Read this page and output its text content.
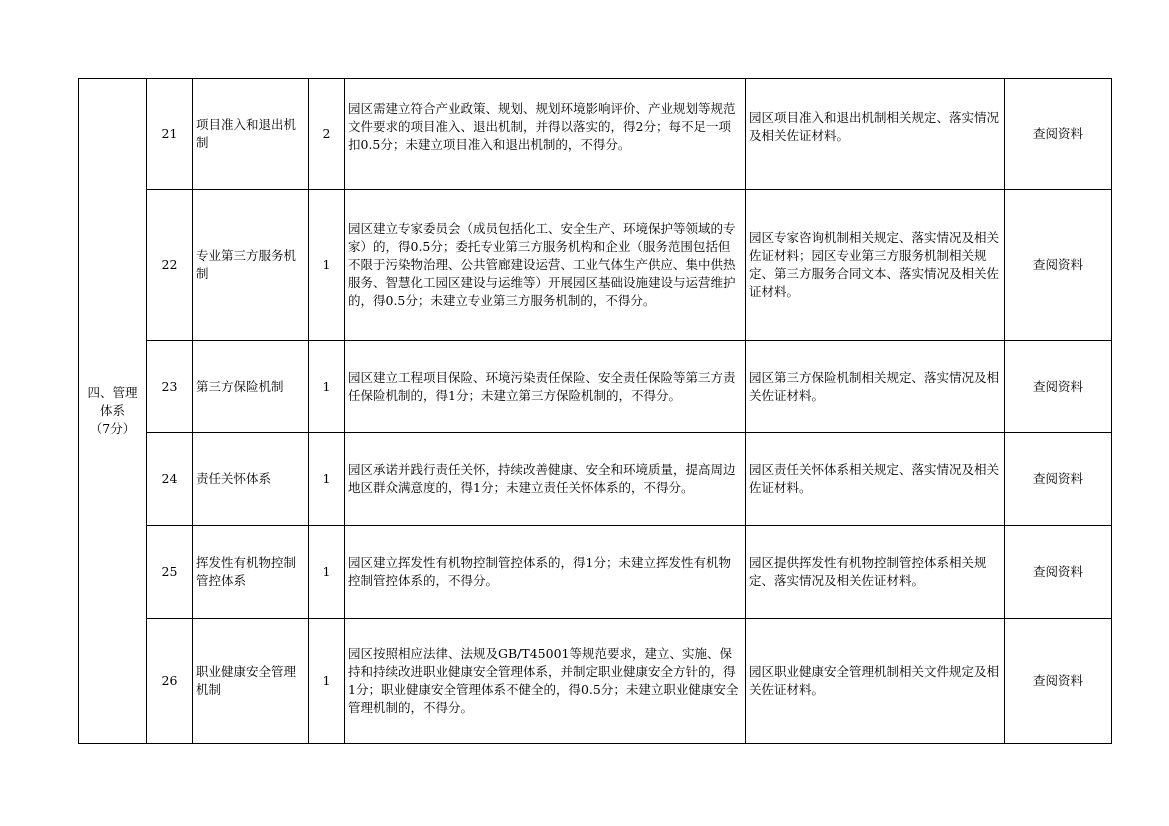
四、管理
体系
（7分）	21	项目准入和退出机制	2	园区需建立符合产业政策、规划、规划环境影响评价、产业规划等规范文件要求的项目准入、退出机制，并得以落实的，得2分；每不足一项扣0.5分；未建立项目准入和退出机制的，不得分。	园区项目准入和退出机制相关规定、落实情况及相关佐证材料。	查阅资料
	22	专业第三方服务机制	1	园区建立专家委员会（成员包括化工、安全生产、环境保护等领域的专家）的，得0.5分；委托专业第三方服务机构和企业（服务范围包括但不限于污染物治理、公共管廊建设运营、工业气体生产供应、集中供热服务、智慧化工园区建设与运维等）开展园区基础设施建设与运营维护的，得0.5分；未建立专业第三方服务机制的，不得分。	园区专家咨询机制相关规定、落实情况及相关佐证材料；园区专业第三方服务机制相关规定、第三方服务合同文本、落实情况及相关佐证材料。	查阅资料
	23	第三方保险机制	1	园区建立工程项目保险、环境污染责任保险、安全责任保险等第三方责任保险机制的，得1分；未建立第三方保险机制的，不得分。	园区第三方保险机制相关规定、落实情况及相关佐证材料。	查阅资料
	24	责任关怀体系	1	园区承诺并践行责任关怀，持续改善健康、安全和环境质量，提高周边地区群众满意度的，得1分；未建立责任关怀体系的，不得分。	园区责任关怀体系相关规定、落实情况及相关佐证材料。	查阅资料
	25	挥发性有机物控制管控体系	1	园区建立挥发性有机物控制管控体系的，得1分；未建立挥发性有机物控制管控体系的，不得分。	园区提供挥发性有机物控制管控体系相关规定、落实情况及相关佐证材料。	查阅资料
	26	职业健康安全管理机制	1	园区按照相应法律、法规及GB/T45001等规范要求，建立、实施、保持和持续改进职业健康安全管理体系，并制定职业健康安全方针的，得1分；职业健康安全管理体系不健全的，得0.5分；未建立职业健康安全管理机制的，不得分。	园区职业健康安全管理机制相关文件规定及相关佐证材料。	查阅资料
